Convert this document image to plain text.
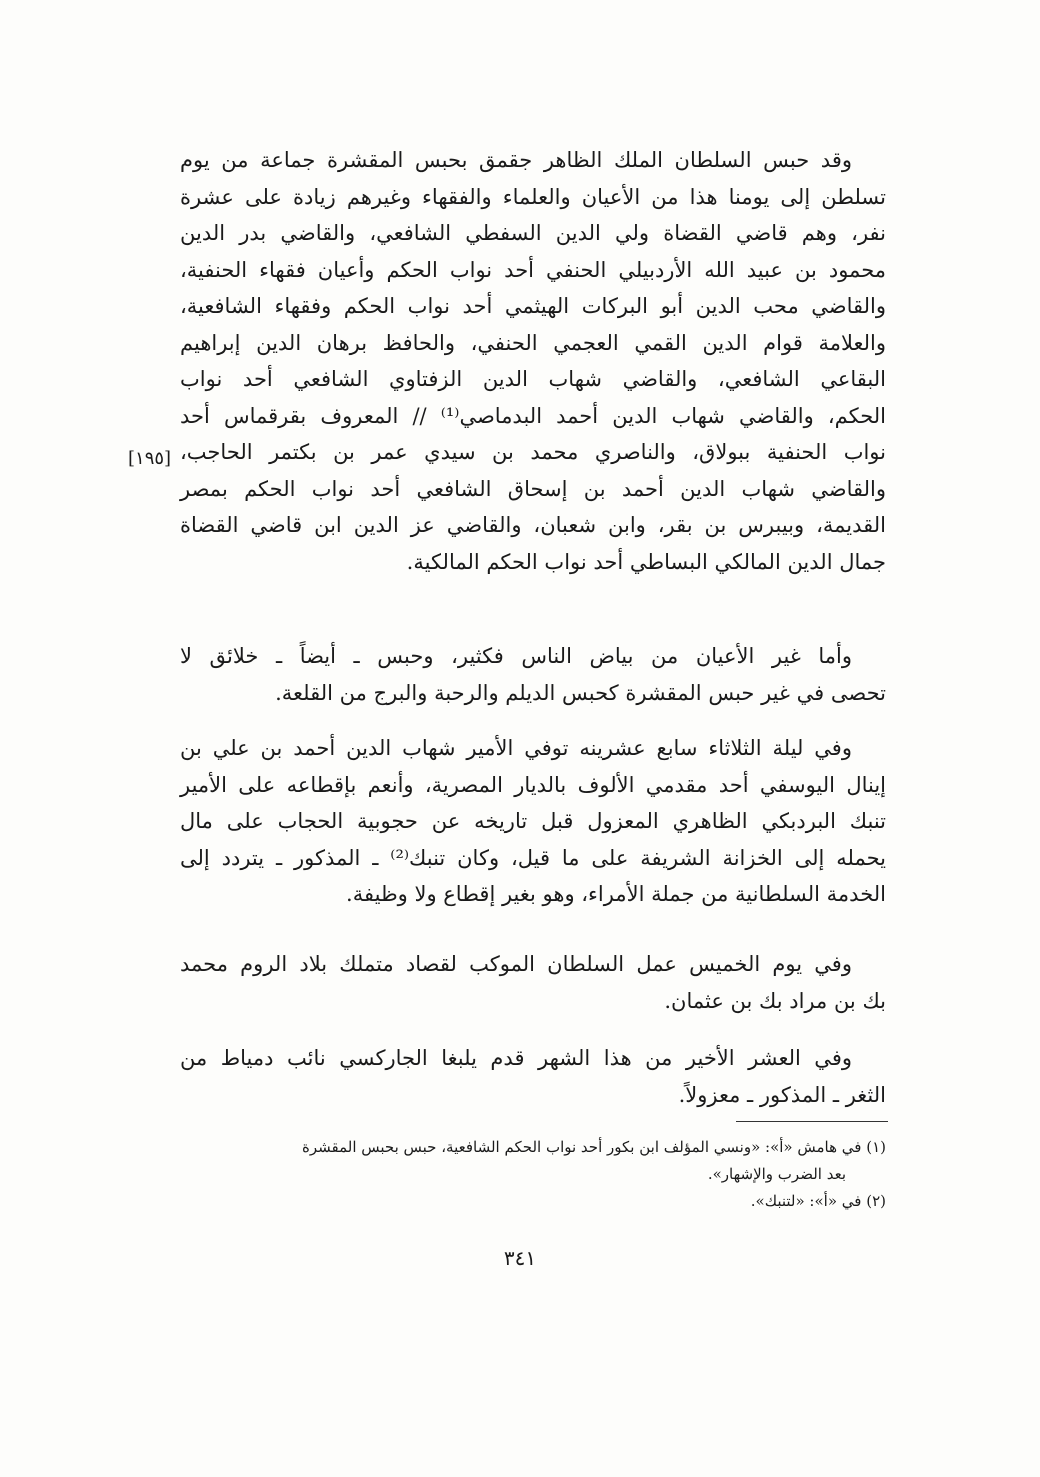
وقد حبس السلطان الملك الظاهر جقمق بحبس المقشرة جماعة من يوم
تسلطن إلى يومنا هذا من الأعيان والعلماء والفقهاء وغيرهم زيادة على عشرة
نفر، وهم قاضي القضاة ولي الدين السفطي الشافعي، والقاضي بدر الدين
محمود بن عبيد الله الأردبيلي الحنفي أحد نواب الحكم وأعيان فقهاء الحنفية،
والقاضي محب الدين أبو البركات الهيثمي أحد نواب الحكم وفقهاء الشافعية،
والعلامة قوام الدين القمي العجمي الحنفي، والحافظ برهان الدين إبراهيم
البقاعي الشافعي، والقاضي شهاب الدين الزفتاوي الشافعي أحد نواب
الحكم، والقاضي شهاب الدين أحمد البدماصي⁽¹⁾ // المعروف بقرقماس أحد
نواب الحنفية ببولاق، والناصري محمد بن سيدي عمر بن بكتمر الحاجب،
والقاضي شهاب الدين أحمد بن إسحاق الشافعي أحد نواب الحكم بمصر
القديمة، وبيبرس بن بقر، وابن شعبان، والقاضي عز الدين ابن قاضي القضاة
جمال الدين المالكي البساطي أحد نواب الحكم المالكية.
[١٩٥]
وأما غير الأعيان من بياض الناس فكثير، وحبس ـ أيضاً ـ خلائق لا
تحصى في غير حبس المقشرة كحبس الديلم والرحبة والبرج من القلعة.
وفي ليلة الثلاثاء سابع عشرينه توفي الأمير شهاب الدين أحمد بن علي بن
إينال اليوسفي أحد مقدمي الألوف بالديار المصرية، وأنعم بإقطاعه على الأمير
تنبك البردبكي الظاهري المعزول قبل تاريخه عن حجوبية الحجاب على مال
يحمله إلى الخزانة الشريفة على ما قيل، وكان تنبك⁽²⁾ ـ المذكور ـ يتردد إلى
الخدمة السلطانية من جملة الأمراء، وهو بغير إقطاع ولا وظيفة.
وفي يوم الخميس عمل السلطان الموكب لقصاد متملك بلاد الروم محمد
بك بن مراد بك بن عثمان.
وفي العشر الأخير من هذا الشهر قدم يلبغا الجاركسي نائب دمياط من
الثغر ـ المذكور ـ معزولاً.
(١) في هامش «أ»: «ونسي المؤلف ابن بكور أحد نواب الحكم الشافعية، حبس بحبس المقشرة
بعد الضرب والإشهار».
(٢) في «أ»: «لتنبك».
٣٤١
